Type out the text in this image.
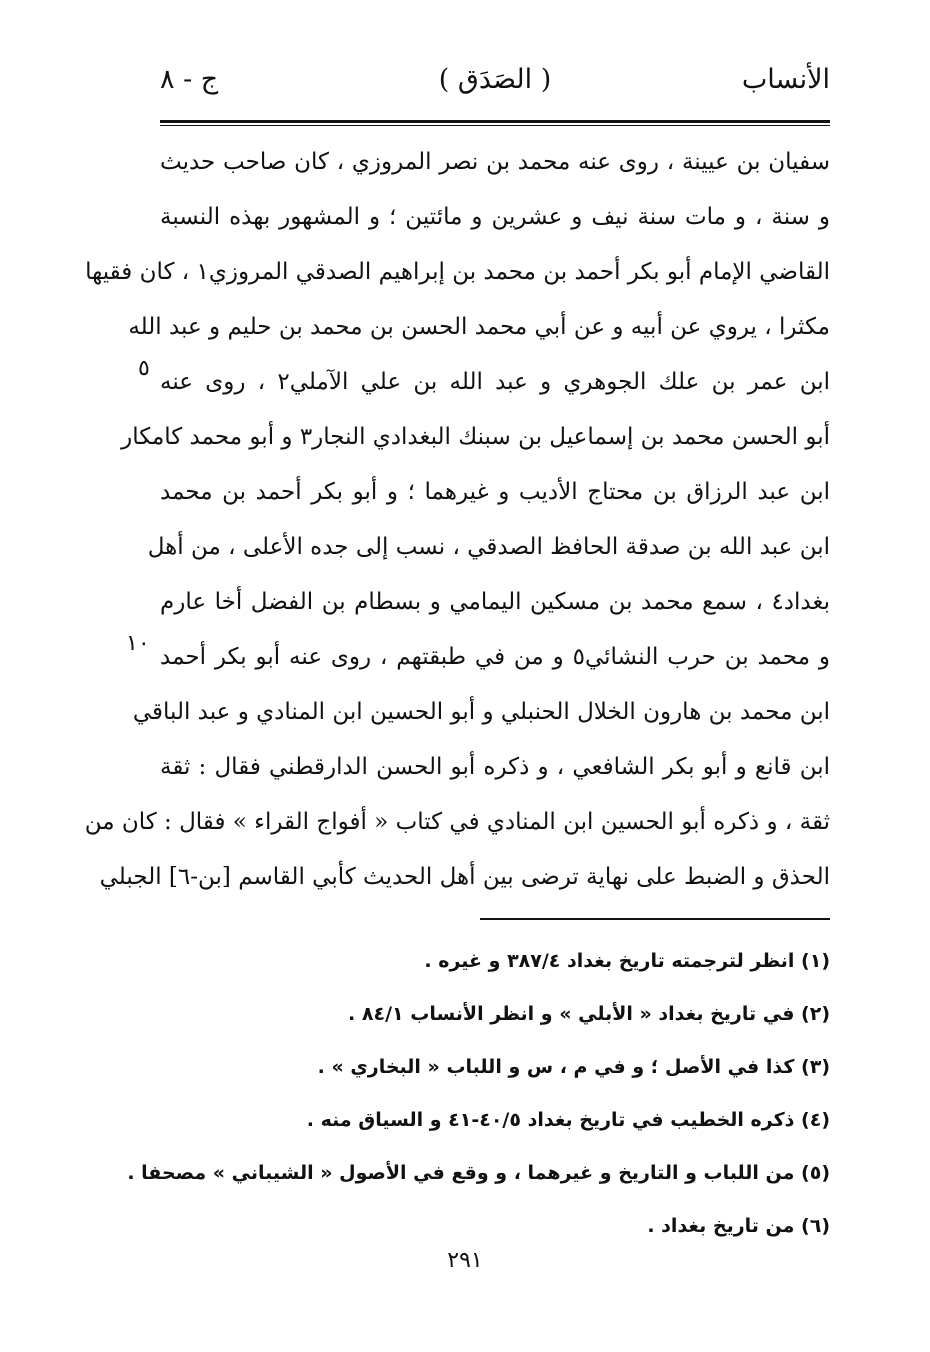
الأنساب
( الصَدَق )
ج - ٨
سفيان بن عيينة ، روى عنه محمد بن نصر المروزي ، كان صاحب حديث
و سنة ، و مات سنة نيف و عشرين و مائتين ؛ و المشهور بهذه النسبة
القاضي الإمام أبو بكر أحمد بن محمد بن إبراهيم الصدقي المروزي١ ، كان فقيها
مكثرا ، يروي عن أبيه و عن أبي محمد الحسن بن محمد بن حليم و عبد الله
ابن عمر بن علك الجوهري و عبد الله بن علي الآملي٢ ، روى عنه
أبو الحسن محمد بن إسماعيل بن سبنك البغدادي النجار٣ و أبو محمد كامكار
ابن عبد الرزاق بن محتاج الأديب و غيرهما ؛ و أبو بكر أحمد بن محمد
ابن عبد الله بن صدقة الحافظ الصدقي ، نسب إلى جده الأعلى ، من أهل
بغداد٤ ، سمع محمد بن مسكين اليمامي و بسطام بن الفضل أخا عارم
و محمد بن حرب النشائي٥ و من في طبقتهم ، روى عنه أبو بكر أحمد
ابن محمد بن هارون الخلال الحنبلي و أبو الحسين ابن المنادي و عبد الباقي
ابن قانع و أبو بكر الشافعي ، و ذكره أبو الحسن الدارقطني فقال : ثقة
ثقة ، و ذكره أبو الحسين ابن المنادي في كتاب « أفواج القراء » فقال : كان من
الحذق و الضبط على نهاية ترضى بين أهل الحديث كأبي القاسم [بن-٦] الجبلي
٥
١٠
(١) انظر لترجمته تاريخ بغداد ٣٨٧/٤ و غيره .
(٢) في تاريخ بغداد « الأبلي » و انظر الأنساب ٨٤/١ .
(٣) كذا في الأصل ؛ و في م ، س و اللباب « البخاري » .
(٤) ذكره الخطيب في تاريخ بغداد ٤٠/٥-٤١ و السياق منه .
(٥) من اللباب و التاريخ و غيرهما ، و وقع في الأصول « الشيباني » مصحفا .
(٦) من تاريخ بغداد .
٢٩١
